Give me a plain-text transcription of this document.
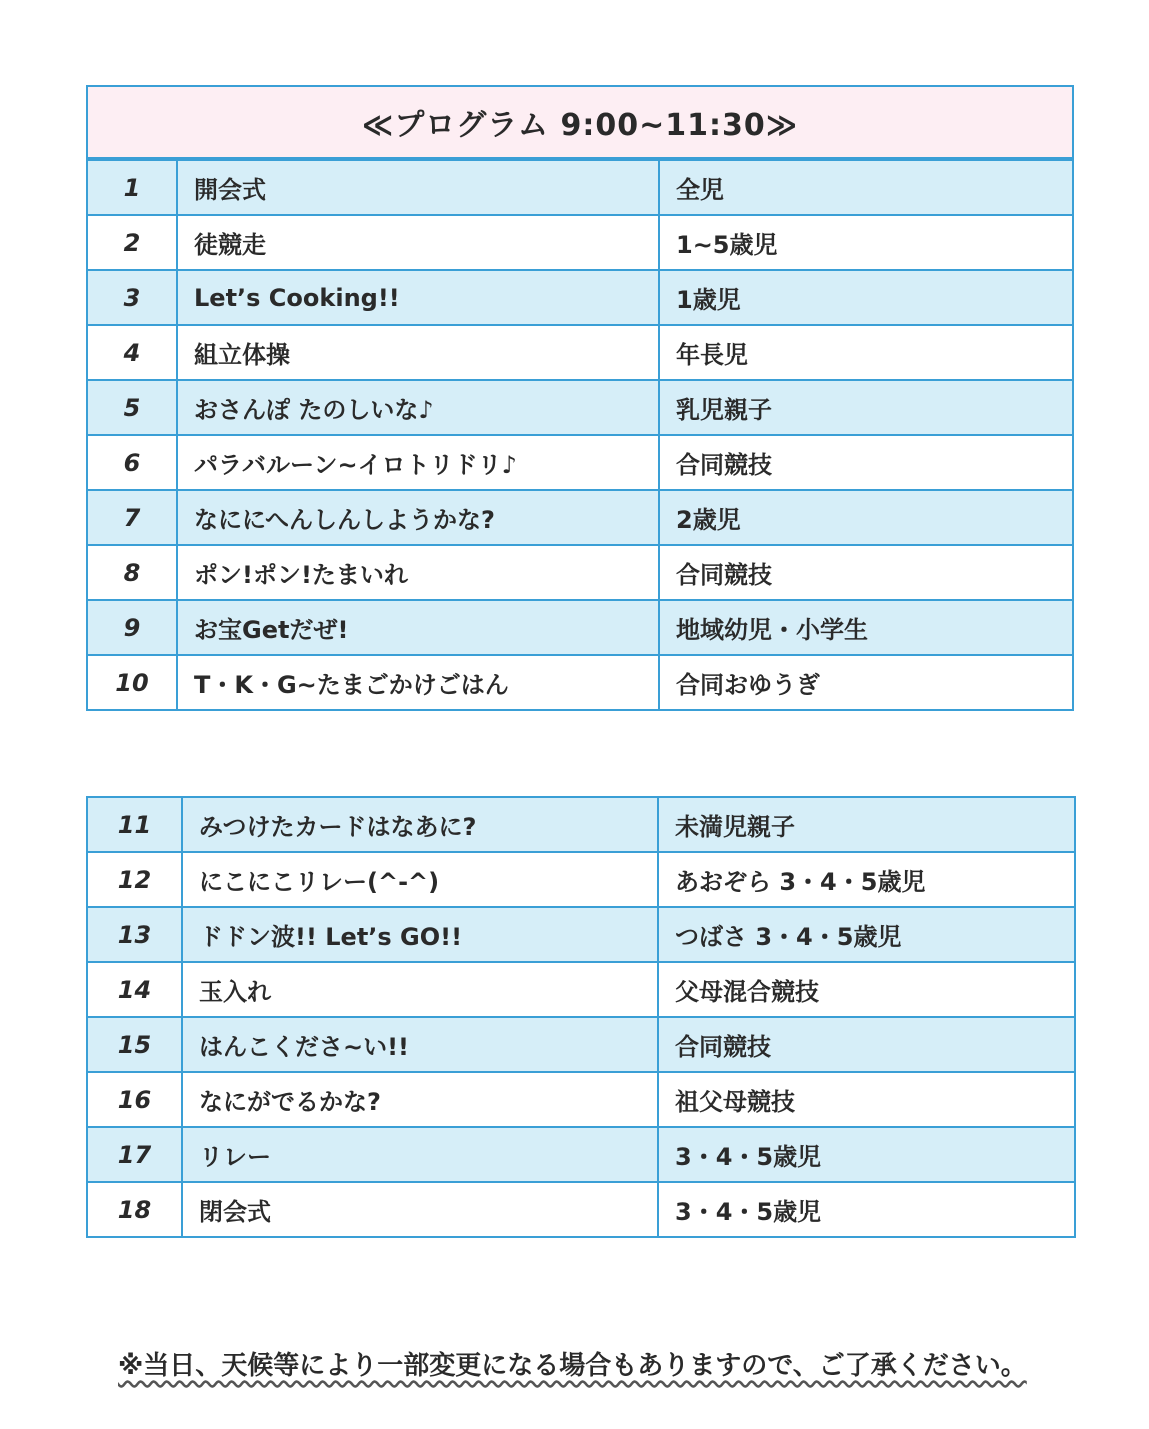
≪プログラム 9:00~11:30≫		
1	開会式	全児
2	徒競走	1~5歳児
3	Let’s Cooking!!	1歳児
4	組立体操	年長児
5	おさんぽ たのしいな♪	乳児親子
6	パラバルーン~イロトリドリ♪	合同競技
7	なににへんしんしようかな?	2歳児
8	ポン!ポン!たまいれ	合同競技
9	お宝Getだぜ!	地域幼児・小学生
10	T・K・G~たまごかけごはん	合同おゆうぎ
11	みつけたカードはなあに?	未満児親子
12	にこにこリレー(^-^)	あおぞら 3・4・5歳児
13	ドドン波!! Let’s GO!!	つばさ 3・4・5歳児
14	玉入れ	父母混合競技
15	はんこくださ~い!!	合同競技
16	なにがでるかな?	祖父母競技
17	リレー	3・4・5歳児
18	閉会式	3・4・5歳児
※当日、天候等により一部変更になる場合もありますので、ご了承ください。
